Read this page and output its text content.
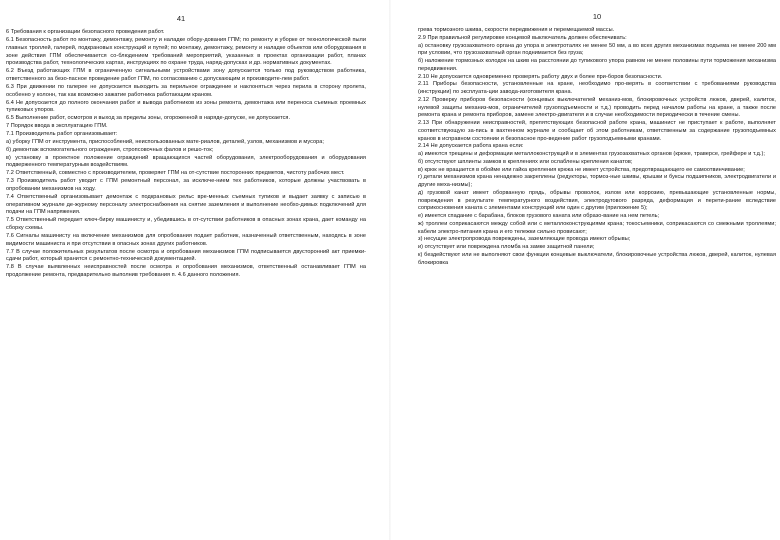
41

6 Требования к организации безопасного проведения работ.

6.1 Безопасность работ по монтажу, демонтажу, ремонту и наладке обору-дования ГПМ; по ремонту и уборке от технологической пыли главных троллей, галерей, подкрановых конструкций и путей; по монтажу, демонтажу, ремонту и наладке объектов или оборудования в зоне действия ГПМ обеспечивается со-блюдением требований мероприятий, указанных в проектах организации работ, планах производства работ, технологических картах, инструкциях по охране труда, наряд-допусках и др. нормативных документах.

6.2 Въезд работающих ГПМ в ограниченную сигнальными устройствами зону допускается только под руководством работника, ответственного за безо-пасное проведение работ ГПМ, по согласованию с допускающим и производите-лем работ.

6.3 При движении по галерее не допускается выходить за перильное ограждение и наклоняться через перила в сторону пролета, особенно у колонн, так как возможно зажатие работника работающим краном.

6.4 Не допускается до полного окончания работ и вывода работников из зоны ремонта, демонтажа или переноса съемных проемных тупиковых упоров.

6.5 Выполнение работ, осмотров и выход за пределы зоны, огороженной в наряде-допуске, не допускается.

7 Порядок ввода в эксплуатацию ГПМ.

7.1 Производитель работ организовывает:

а) уборку ГПМ от инструмента, приспособлений, неиспользованных мате-риалов, деталей, узлов, механизмов и мусора;

б) демонтаж вспомогательного ограждения, стропсовочных фалов и решо-ток;

в) установку в проектное положение ограждений вращающихся частей оборудования, электрооборудования и оборудования подверженного температурным воздействиям.

7.2 Ответственный, совместно с производителем, проверяет ГПМ на от-сутствие посторонних предметов, чистоту рабочих мест.

7.3 Производитель работ уводит с ГПМ ремонтный персонал, за исключе-нием тех работников, которые должны участвовать в опробовании механизмов на ходу.

7.4 Ответственный организовывает демонтаж с подкрановых рельс вре-менных съемных тупиков и выдает заявку с записью в оперативном журнале де-журному персоналу электроснабжения на снятие заземления и выполнение необхо-димых подключений для подачи на ГПМ напряжения.

7.5 Ответственный передает ключ-бирку машинисту и, убедившись в от-сутствии работников в опасных зонах крана, дает команду на сборку схемы.

7.6 Сигналы машинисту на включение механизмов для опробования подает работник, назначенный ответственным, находясь в зоне видимости машиниста и при отсутствии в опасных зонах других работников.

7.7 В случае положительных результатов после осмотра и опробования механизмов ГПМ подписывается двусторонний акт приемки-сдачи работ, который хранится с ремонтно-технической документацией.

7.8 В случае выявленных неисправностей после осмотра и опробования механизмов, ответственный останавливает ГПМ на продолжение ремонта, предварительно выполнив требования п. 4.6 данного положения.

10

грева тормозного шкива, скорости передвижения и перемещаемой массы.

2.9 При правильной регулировке концевой выключатель должен обеспечивать:

а) остановку грузозахватного органа до упора в электроталях не менее 50 мм, а во всех других механизмах подъема не менее 200 мм при условии, что грузозахватный орган поднимается без груза;

б) наложение тормозных колодок на шкив на расстоянии до тупикового упора равном не менее половины пути торможения механизма передвижения.

2.10 Не допускается одновременно проверять работу двух и более при-боров безопасности.

2.11 Приборы безопасности, установленные на кране, необходимо про-верять в соответствии с требованиями руководства (инструкции) по эксплуата-ции завода-изготовителя крана.

2.12 Проверку приборов безопасности (концевых выключателей механиз-мов, блокировочных устройств люков, дверей, калиток, нулевой защиты механиз-мов, ограничителей грузоподъемности и т.д.) проводить перед началом работы на кране, а также после ремонта крана и ремонта приборов, замене электро-двигателя и в случае необходимости периодически в течение смены.

2.13 При обнаружении неисправностей, препятствующих безопасной работе крана, машинист не приступает к работе, выполняет соответствующую за-пись в вахтенном журнале и сообщает об этом работникам, ответственным за содержание грузоподъемных кранов в исправном состоянии и безопасное про-ведение работ грузоподъемными кранами.

2.14 Не допускается работа крана если:

а) имеются трещины и деформации металлоконструкций и в элементах грузозахватных органов (крюке, траверсе, грейфере и т.д.);

б) отсутствуют шплинты замков в креплениях или ослаблены крепления канатов;

в) крюк не вращается в обойме или гайка крепления крюка не имеет устройства, предотвращающего ее самоотвинчивание;

г) детали механизмов крана ненадежно закреплены (редукторы, тормоз-ные шкивы, крышки и буксы подшипников, электродвигатели и другие меха-низмы);

д) грузовой канат имеет оборванную прядь, обрывы проволок, излом или коррозию, превышающие установленные нормы, повреждения в результате температурного воздействия, электродугового разряда, деформация и перети-рание вследствие соприкосновения каната с элементами конструкций или один с другим (приложение 5);

е) имеется спадание с барабана, блоков грузового каната или образо-вание на нем петель;

ж) троллеи соприкасаются между собой или с металлоконструкциями крана; токосъемники, соприкасаются со смежными троллеями; кабели электро-питания крана и его тележки сильно провисают;

з) несущие электропровода повреждены, заземляющие провода имеют обрывы;

и) отсутствует или повреждена пломба на замке защитной панели;

к) бездействуют или не выполняют свои функции концевые выключатели, блокировочные устройства люков, дверей, калиток, нулевая блокировка
